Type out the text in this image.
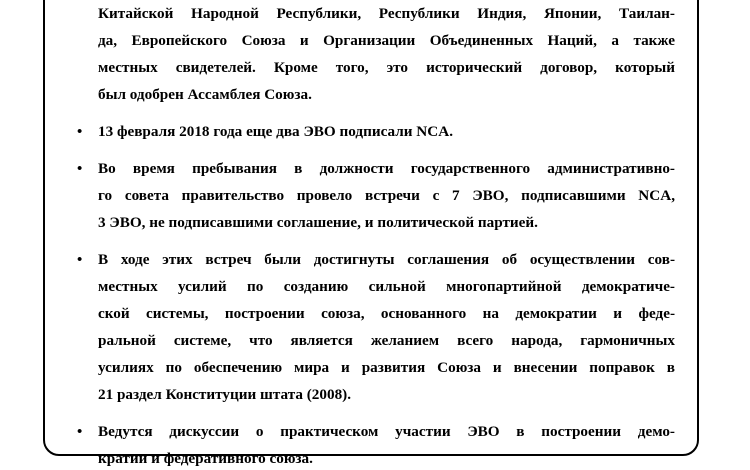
Китайской Народной Республики, Республики Индия, Японии, Таилан-
да, Европейского Союза и Организации Объединенных Наций, а также
местных свидетелей. Кроме того, это исторический договор, который
был одобрен Ассамблея Союза.
• 13 февраля 2018 года еще два ЭВО подписали NCA.
• Во время пребывания в должности государственного административно-
го совета правительство провело встречи с 7 ЭВО, подписавшими NCA,
3 ЭВО, не подписавшими соглашение, и политической партией.
• В ходе этих встреч были достигнуты соглашения об осуществлении сов-
местных усилий по созданию сильной многопартийной демократиче-
ской системы, построении союза, основанного на демократии и феде-
ральной системе, что является желанием всего народа, гармоничных
усилиях по обеспечению мира и развития Союза и внесении поправок в
21 раздел Конституции штата (2008).
• Ведутся дискуссии о практическом участии ЭВО в построении демо-
кратии и федеративного союза.
